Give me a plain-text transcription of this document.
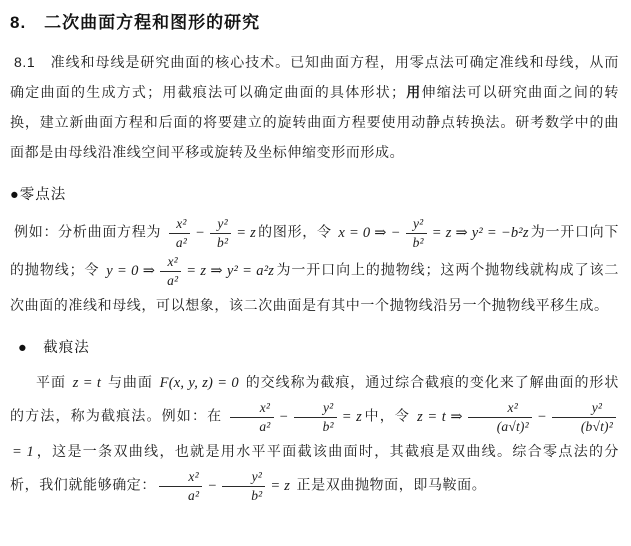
8.　二次曲面方程和图形的研究

8.1　准线和母线是研究曲面的核心技术。已知曲面方程，用零点法可确定准线和母线，从而确定曲面的生成方式；用截痕法可以确定曲面的具体形状；用伸缩法可以研究曲面之间的转换，建立新曲面方程和后面的将要建立的旋转曲面方程要使用动静点转换法。研考数学中的曲面都是由母线沿准线空间平移或旋转及坐标伸缩变形而形成。

●零点法

例如：分析曲面方程为 $\frac{\text{x²}}{\text{a²}} - \frac{\text{y²}}{\text{b²}} = z$ 的图形，令 x = 0 ⇒ − $\frac{\text{y²}}{\text{b²}} = z$ ⇒ y² = −b²z 为一开口向下的抛物线；令 y = 0 ⇒ $\frac{\text{x²}}{\text{a²}} = z$ ⇒ y² = a²z 为一开口向上的抛物线；这两个抛物线就构成了该二次曲面的准线和母线，可以想象，该二次曲面是有其中一个抛物线沿另一个抛物线平移生成。

●　截痕法

平面 z = t 与曲面 F(x, y, z) = 0 的交线称为截痕，通过综合截痕的变化来了解曲面的形状的方法，称为截痕法。例如：在 $\frac{\text{x²}}{\text{a²}} - \frac{\text{y²}}{\text{b²}} = z$ 中，令 z = t ⇒ $\frac{\text{x²}}{\text{(a√t)²}} - \frac{\text{y²}}{\text{(b√t)²}}$
= 1 ，这是一条双曲线，也就是用水平平面截该曲面时，其截痕是双曲线。综合零点法的分析，我们就能够确定： $\frac{\text{x²}}{\text{a²}} - \frac{\text{y²}}{\text{b²}} = z$ 正是双曲抛物面，即马鞍面。
